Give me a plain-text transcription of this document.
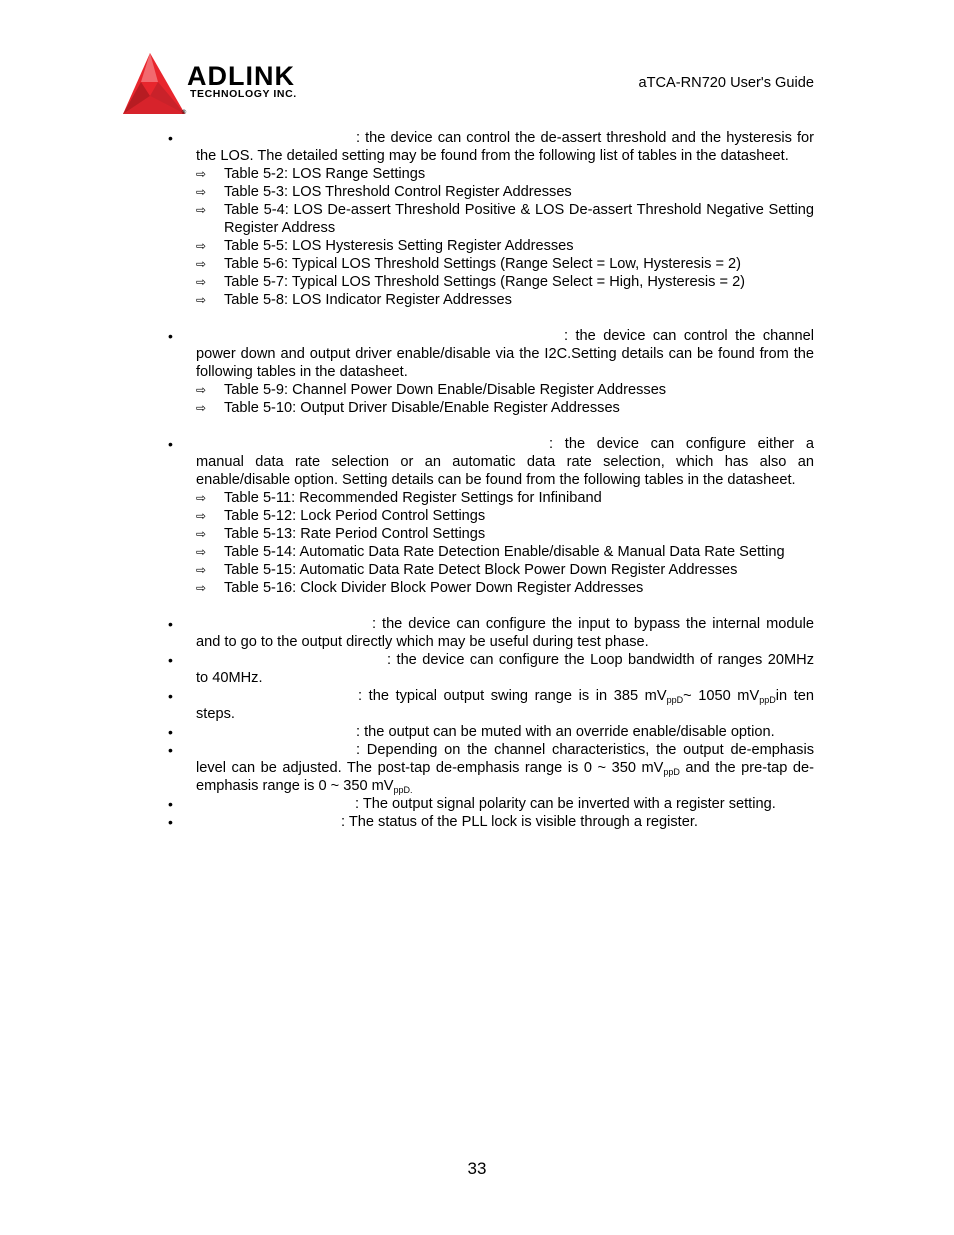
®
ADLINK
TECHNOLOGY INC.
aTCA-RN720 User's Guide
•	: the device can control the de-assert threshold and the hysteresis for the LOS. The detailed setting may be found from the following list of tables in the datasheet.

⇨ Table 5-2: LOS Range Settings
⇨ Table 5-3: LOS Threshold Control Register Addresses
⇨ Table 5-4: LOS De-assert Threshold Positive & LOS De-assert Threshold Negative Setting Register Address
⇨ Table 5-5: LOS Hysteresis Setting Register Addresses
⇨ Table 5-6: Typical LOS Threshold Settings (Range Select = Low, Hysteresis = 2)
⇨ Table 5-7: Typical LOS Threshold Settings (Range Select = High, Hysteresis = 2)
⇨ Table 5-8: LOS Indicator Register Addresses
•	: the device can control the channel power down and output driver enable/disable via the I2C.Setting details can be found from the following tables in the datasheet.

⇨ Table 5-9: Channel Power Down Enable/Disable Register Addresses
⇨ Table 5-10: Output Driver Disable/Enable Register Addresses
•	: the device can configure either a manual data rate selection or an automatic data rate selection, which has also an enable/disable option. Setting details can be found from the following tables in the datasheet.

⇨ Table 5-11: Recommended Register Settings for Infiniband
⇨ Table 5-12: Lock Period Control Settings
⇨ Table 5-13: Rate Period Control Settings
⇨ Table 5-14: Automatic Data Rate Detection Enable/disable & Manual Data Rate Setting
⇨ Table 5-15: Automatic Data Rate Detect Block Power Down Register Addresses
⇨ Table 5-16: Clock Divider Block Power Down Register Addresses
•	: the device can configure the input to bypass the internal module and to go to the output directly which may be useful during test phase.

•	: the device can configure the Loop bandwidth of ranges 20MHz to 40MHz.

•	: the typical output swing range is in 385 $mV_{ppD}\sim$ 1050 $mV_{ppD}in$ ten steps.

•	: the output can be muted with an override enable/disable option.

•	: Depending on the channel characteristics, the output de-emphasis level can be adjusted. The post-tap de-emphasis range is 0 ~ 350 $mV_{ppD}$ and the pre-tap de-emphasis range is 0 ~ 350 $mV_{ppD.}$

•	: The output signal polarity can be inverted with a register setting.

•	: The status of the PLL lock is visible through a register.

33
